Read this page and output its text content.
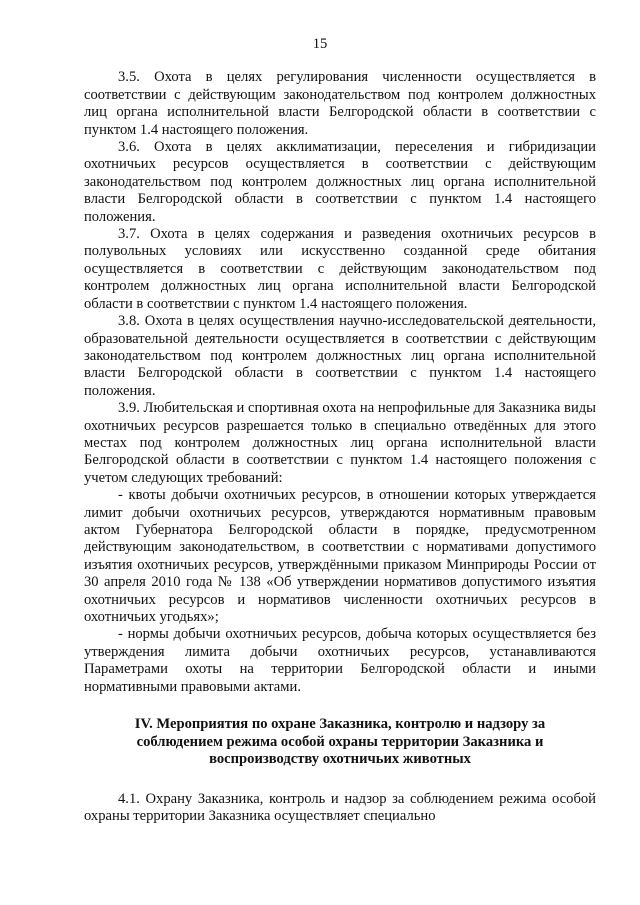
15

3.5. Охота в целях регулирования численности осуществляется в соответствии с действующим законодательством под контролем должностных лиц органа исполнительной власти Белгородской области в соответствии с пунктом 1.4 настоящего положения.

3.6. Охота в целях акклиматизации, переселения и гибридизации охотничьих ресурсов осуществляется в соответствии с действующим законодательством под контролем должностных лиц органа исполнительной власти Белгородской области в соответствии с пунктом 1.4 настоящего положения.

3.7. Охота в целях содержания и разведения охотничьих ресурсов в полувольных условиях или искусственно созданной среде обитания осуществляется в соответствии с действующим законодательством под контролем должностных лиц органа исполнительной власти Белгородской области в соответствии с пунктом 1.4 настоящего положения.

3.8. Охота в целях осуществления научно-исследовательской деятельности, образовательной деятельности осуществляется в соответствии с действующим законодательством под контролем должностных лиц органа исполнительной власти Белгородской области в соответствии с пунктом 1.4 настоящего положения.

3.9. Любительская и спортивная охота на непрофильные для Заказника виды охотничьих ресурсов разрешается только в специально отведённых для этого местах под контролем должностных лиц органа исполнительной власти Белгородской области в соответствии с пунктом 1.4 настоящего положения с учетом следующих требований:

- квоты добычи охотничьих ресурсов, в отношении которых утверждается лимит добычи охотничьих ресурсов, утверждаются нормативным правовым актом Губернатора Белгородской области в порядке, предусмотренном действующим законодательством, в соответствии с нормативами допустимого изъятия охотничьих ресурсов, утверждёнными приказом Минприроды России от 30 апреля 2010 года № 138 «Об утверждении нормативов допустимого изъятия охотничьих ресурсов и нормативов численности охотничьих ресурсов в охотничьих угодьях»;

- нормы добычи охотничьих ресурсов, добыча которых осуществляется без утверждения лимита добычи охотничьих ресурсов, устанавливаются Параметрами охоты на территории Белгородской области и иными нормативными правовыми актами.

IV. Мероприятия по охране Заказника, контролю и надзору за
соблюдением режима особой охраны территории Заказника и
воспроизводству охотничьих животных

4.1. Охрану Заказника, контроль и надзор за соблюдением режима особой охраны территории Заказника осуществляет специально
